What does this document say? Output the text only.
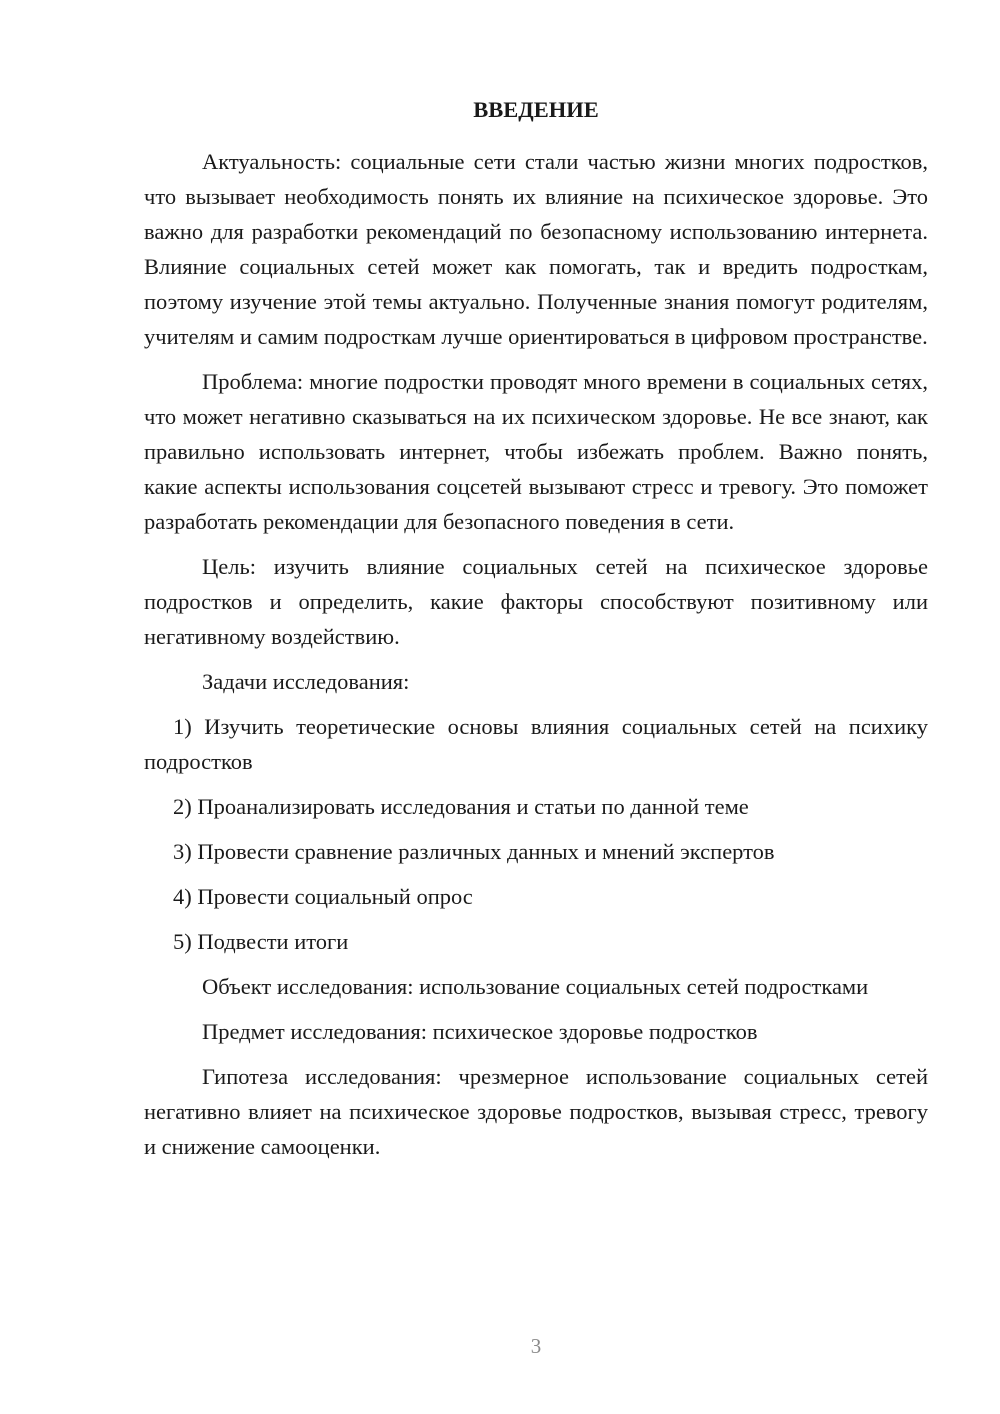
ВВЕДЕНИЕ

Актуальность: социальные сети стали частью жизни многих подростков, что вызывает необходимость понять их влияние на психическое здоровье. Это важно для разработки рекомендаций по безопасному использованию интернета. Влияние социальных сетей может как помогать, так и вредить подросткам, поэтому изучение этой темы актуально. Полученные знания помогут родителям, учителям и самим подросткам лучше ориентироваться в цифровом пространстве.

Проблема: многие подростки проводят много времени в социальных сетях, что может негативно сказываться на их психическом здоровье. Не все знают, как правильно использовать интернет, чтобы избежать проблем. Важно понять, какие аспекты использования соцсетей вызывают стресс и тревогу. Это поможет разработать рекомендации для безопасного поведения в сети.

Цель: изучить влияние социальных сетей на психическое здоровье подростков и определить, какие факторы способствуют позитивному или негативному воздействию.

Задачи исследования:

1) Изучить теоретические основы влияния социальных сетей на психику подростков
2) Проанализировать исследования и статьи по данной теме
3) Провести сравнение различных данных и мнений экспертов
4) Провести социальный опрос
5) Подвести итоги

Объект исследования: использование социальных сетей подростками

Предмет исследования: психическое здоровье подростков

Гипотеза исследования: чрезмерное использование социальных сетей негативно влияет на психическое здоровье подростков, вызывая стресс, тревогу и снижение самооценки.

3
